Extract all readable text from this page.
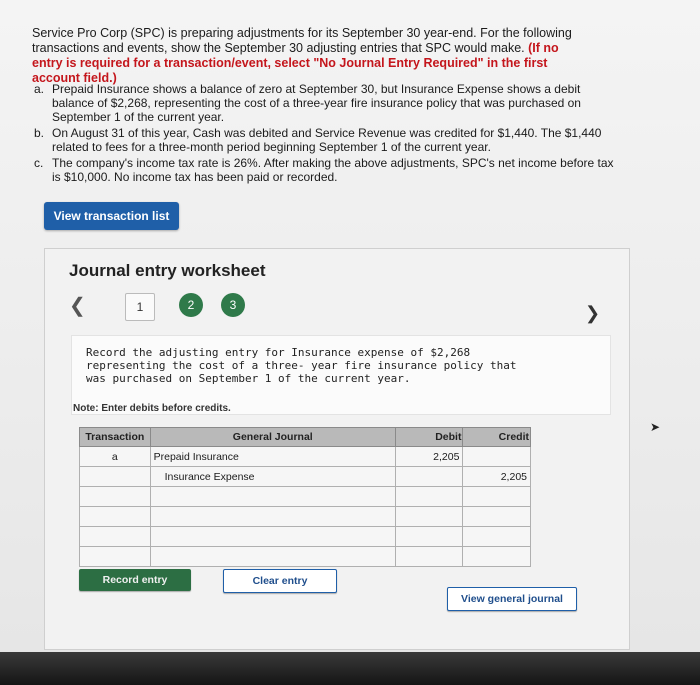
Service Pro Corp (SPC) is preparing adjustments for its September 30 year-end. For the following transactions and events, show the September 30 adjusting entries that SPC would make. (If no entry is required for a transaction/event, select "No Journal Entry Required" in the first account field.)
a. Prepaid Insurance shows a balance of zero at September 30, but Insurance Expense shows a debit balance of $2,268, representing the cost of a three-year fire insurance policy that was purchased on September 1 of the current year.
b. On August 31 of this year, Cash was debited and Service Revenue was credited for $1,440. The $1,440 related to fees for a three-month period beginning September 1 of the current year.
c. The company's income tax rate is 26%. After making the above adjustments, SPC's net income before tax is $10,000. No income tax has been paid or recorded.
View transaction list
Journal entry worksheet
❮	1	2	3	❯
Record the adjusting entry for Insurance expense of $2,268 representing the cost of a three- year fire insurance policy that was purchased on September 1 of the current year.
Note: Enter debits before credits.
Transaction	General Journal	Debit	Credit
a	Prepaid Insurance	2,205	
	Insurance Expense		2,205

Record entry	Clear entry
View general journal
➤
